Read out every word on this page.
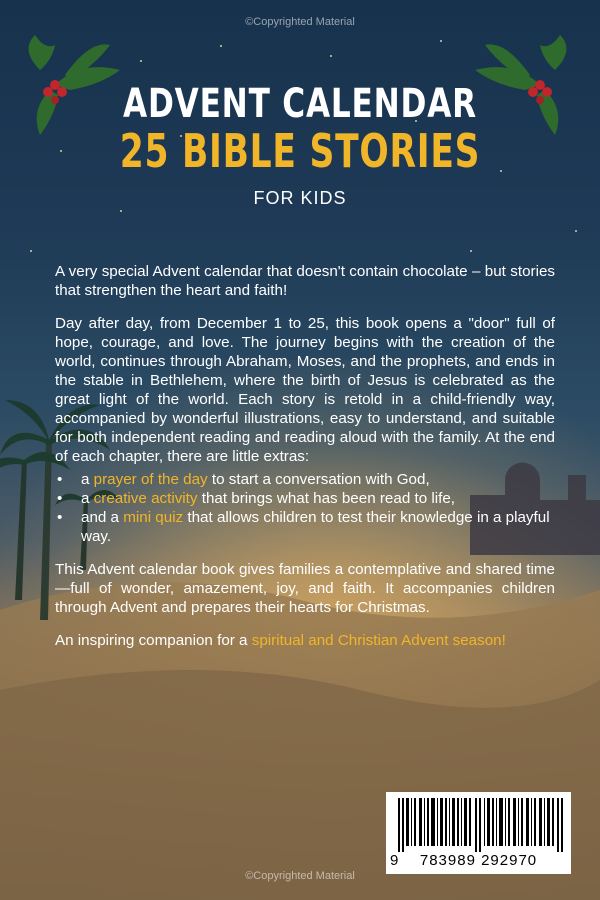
©Copyrighted Material
ADVENT CALENDAR
25 BIBLE STORIES
FOR KIDS

A very special Advent calendar that doesn't contain chocolate – but stories that strengthen the heart and faith!

Day after day, from December 1 to 25, this book opens a "door" full of hope, courage, and love. The journey begins with the creation of the world, continues through Abraham, Moses, and the prophets, and ends in the stable in Bethlehem, where the birth of Jesus is celebrated as the great light of the world. Each story is retold in a child-friendly way, accompanied by wonderful illustrations, easy to understand, and suitable for both independent reading and reading aloud with the family. At the end of each chapter, there are little extras:

• a prayer of the day to start a conversation with God,
• a creative activity that brings what has been read to life,
• and a mini quiz that allows children to test their knowledge in a playful way.

This Advent calendar book gives families a contemplative and shared time—full of wonder, amazement, joy, and faith. It accompanies children through Advent and prepares their hearts for Christmas.

An inspiring companion for a spiritual and Christian Advent season!

9	783989 292970
©Copyrighted Material
